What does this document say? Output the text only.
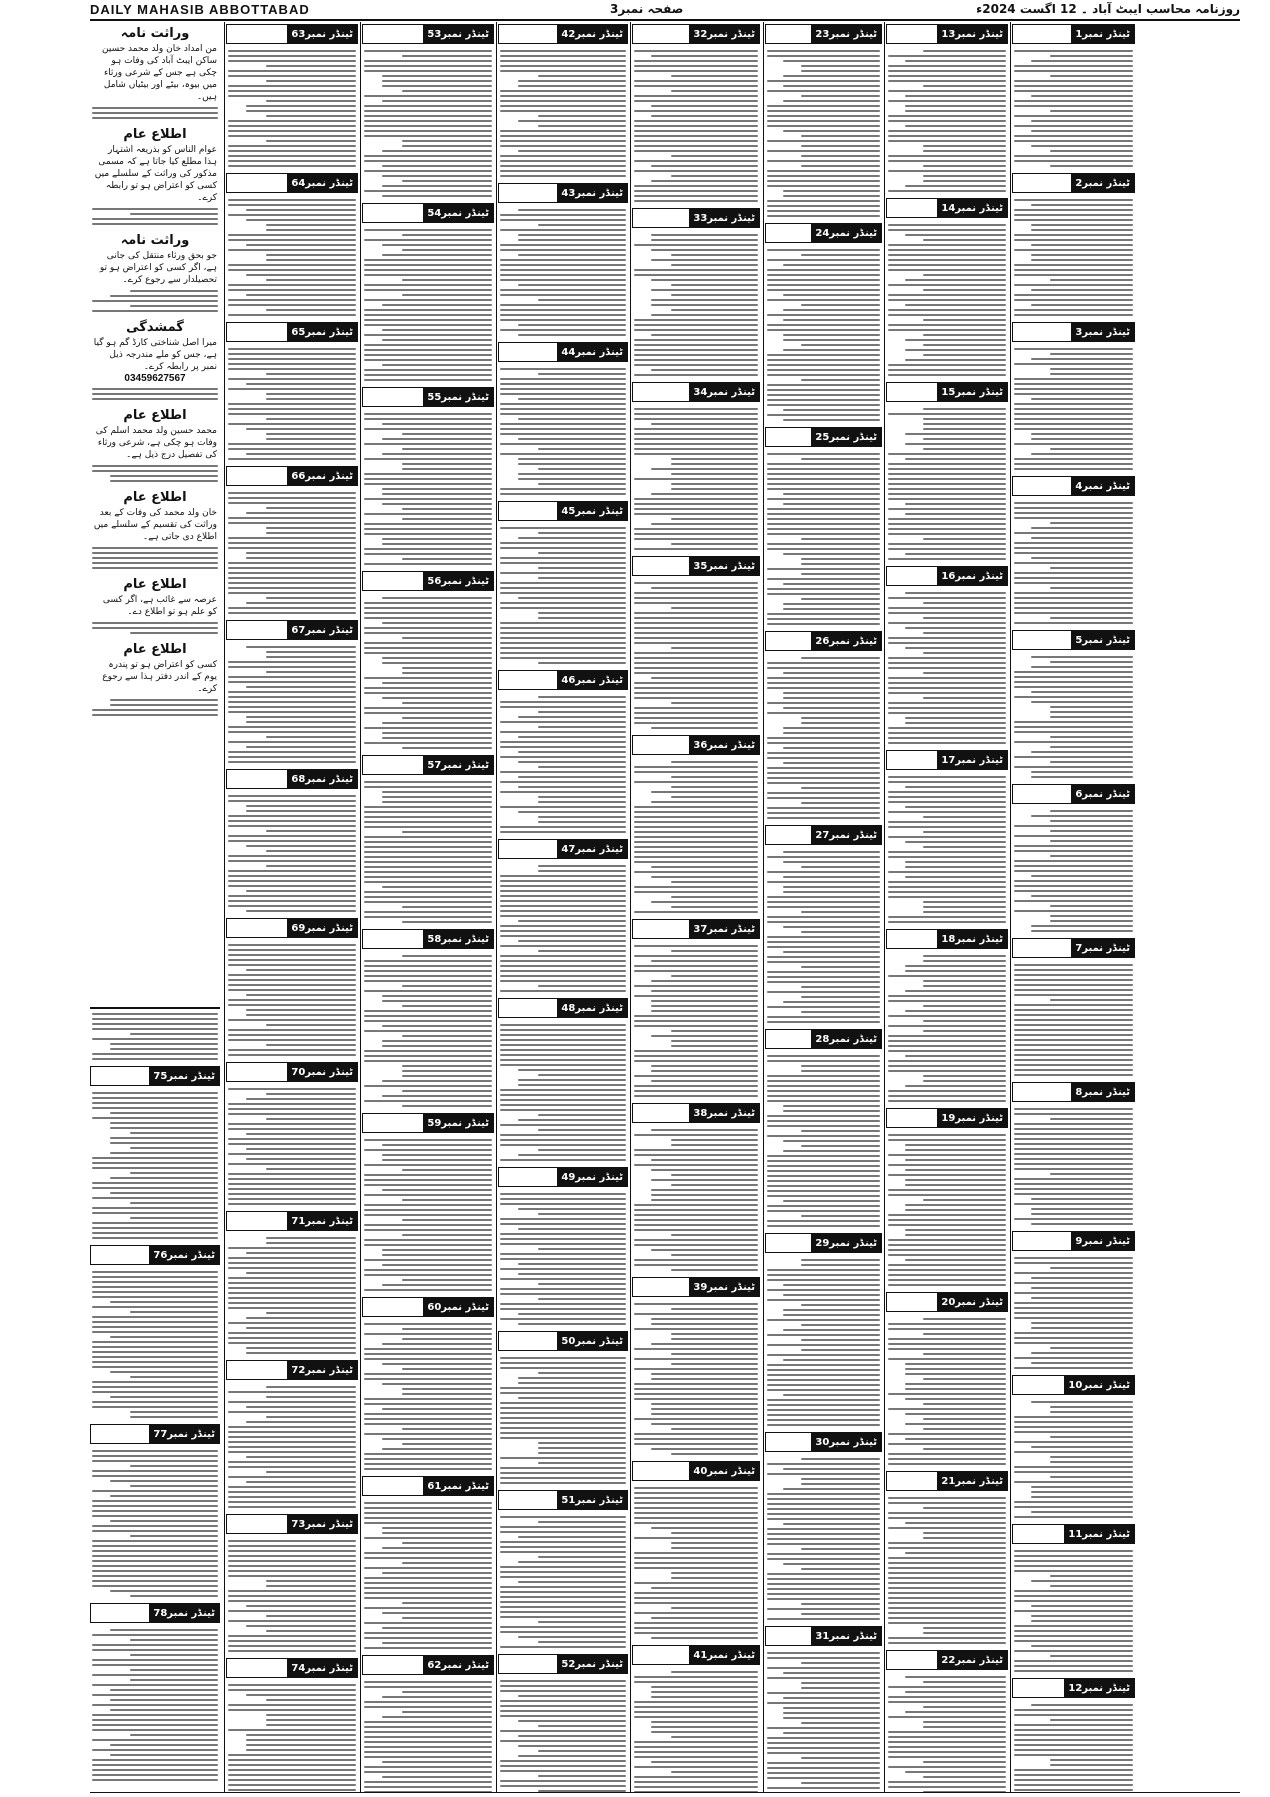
DAILY MAHASIB ABBOTTABAD	صفحہ نمبر3	روزنامہ محاسب ایبٹ آباد ۔ 12 اگست 2024ء
ٹینڈر نمبر1
ٹینڈر نمبر2
ٹینڈر نمبر3
ٹینڈر نمبر4
ٹینڈر نمبر5
ٹینڈر نمبر6
ٹینڈر نمبر7
ٹینڈر نمبر8
ٹینڈر نمبر9
ٹینڈر نمبر10
ٹینڈر نمبر11
ٹینڈر نمبر12
ٹینڈر نمبر13
ٹینڈر نمبر14
ٹینڈر نمبر15
ٹینڈر نمبر16
ٹینڈر نمبر17
ٹینڈر نمبر18
ٹینڈر نمبر19
ٹینڈر نمبر20
ٹینڈر نمبر21
ٹینڈر نمبر22
ٹینڈر نمبر23
ٹینڈر نمبر24
ٹینڈر نمبر25
ٹینڈر نمبر26
ٹینڈر نمبر27
ٹینڈر نمبر28
ٹینڈر نمبر29
ٹینڈر نمبر30
ٹینڈر نمبر31
ٹینڈر نمبر32
ٹینڈر نمبر33
ٹینڈر نمبر34
ٹینڈر نمبر35
ٹینڈر نمبر36
ٹینڈر نمبر37
ٹینڈر نمبر38
ٹینڈر نمبر39
ٹینڈر نمبر40
ٹینڈر نمبر41
ٹینڈر نمبر42
ٹینڈر نمبر43
ٹینڈر نمبر44
ٹینڈر نمبر45
ٹینڈر نمبر46
ٹینڈر نمبر47
ٹینڈر نمبر48
ٹینڈر نمبر49
ٹینڈر نمبر50
ٹینڈر نمبر51
ٹینڈر نمبر52
ٹینڈر نمبر53
ٹینڈر نمبر54
ٹینڈر نمبر55
ٹینڈر نمبر56
ٹینڈر نمبر57
ٹینڈر نمبر58
ٹینڈر نمبر59
ٹینڈر نمبر60
ٹینڈر نمبر61
ٹینڈر نمبر62
ٹینڈر نمبر63
ٹینڈر نمبر64
ٹینڈر نمبر65
ٹینڈر نمبر66
ٹینڈر نمبر67
ٹینڈر نمبر68
ٹینڈر نمبر69
ٹینڈر نمبر70
ٹینڈر نمبر71
ٹینڈر نمبر72
ٹینڈر نمبر73
ٹینڈر نمبر74
وراثت نامہ
من امداد خان ولد محمد حسین ساکن ایبٹ آباد کی وفات ہو چکی ہے جس کے شرعی ورثاء میں بیوہ، بیٹے اور بیٹیاں شامل ہیں۔
اطلاع عام
عوام الناس کو بذریعہ اشتہار ہذا مطلع کیا جاتا ہے کہ مسمی مذکور کی وراثت کے سلسلے میں کسی کو اعتراض ہو تو رابطہ کرے۔
وراثت نامہ
جو بحق ورثاء منتقل کی جانی ہے، اگر کسی کو اعتراض ہو تو تحصیلدار سے رجوع کرے۔
گمشدگی
میرا اصل شناختی کارڈ گم ہو گیا ہے، جس کو ملے مندرجہ ذیل نمبر پر رابطہ کرے۔
03459627567
اطلاع عام
محمد حسین ولد محمد اسلم کی وفات ہو چکی ہے، شرعی ورثاء کی تفصیل درج ذیل ہے۔
اطلاع عام
خان ولد محمد کی وفات کے بعد وراثت کی تقسیم کے سلسلے میں اطلاع دی جاتی ہے۔
اطلاع عام
عرصہ سے غائب ہے، اگر کسی کو علم ہو تو اطلاع دے۔
اطلاع عام
کسی کو اعتراض ہو تو پندرہ یوم کے اندر دفتر ہذا سے رجوع کرے۔
ٹینڈر نمبر75
ٹینڈر نمبر76
ٹینڈر نمبر77
ٹینڈر نمبر78
